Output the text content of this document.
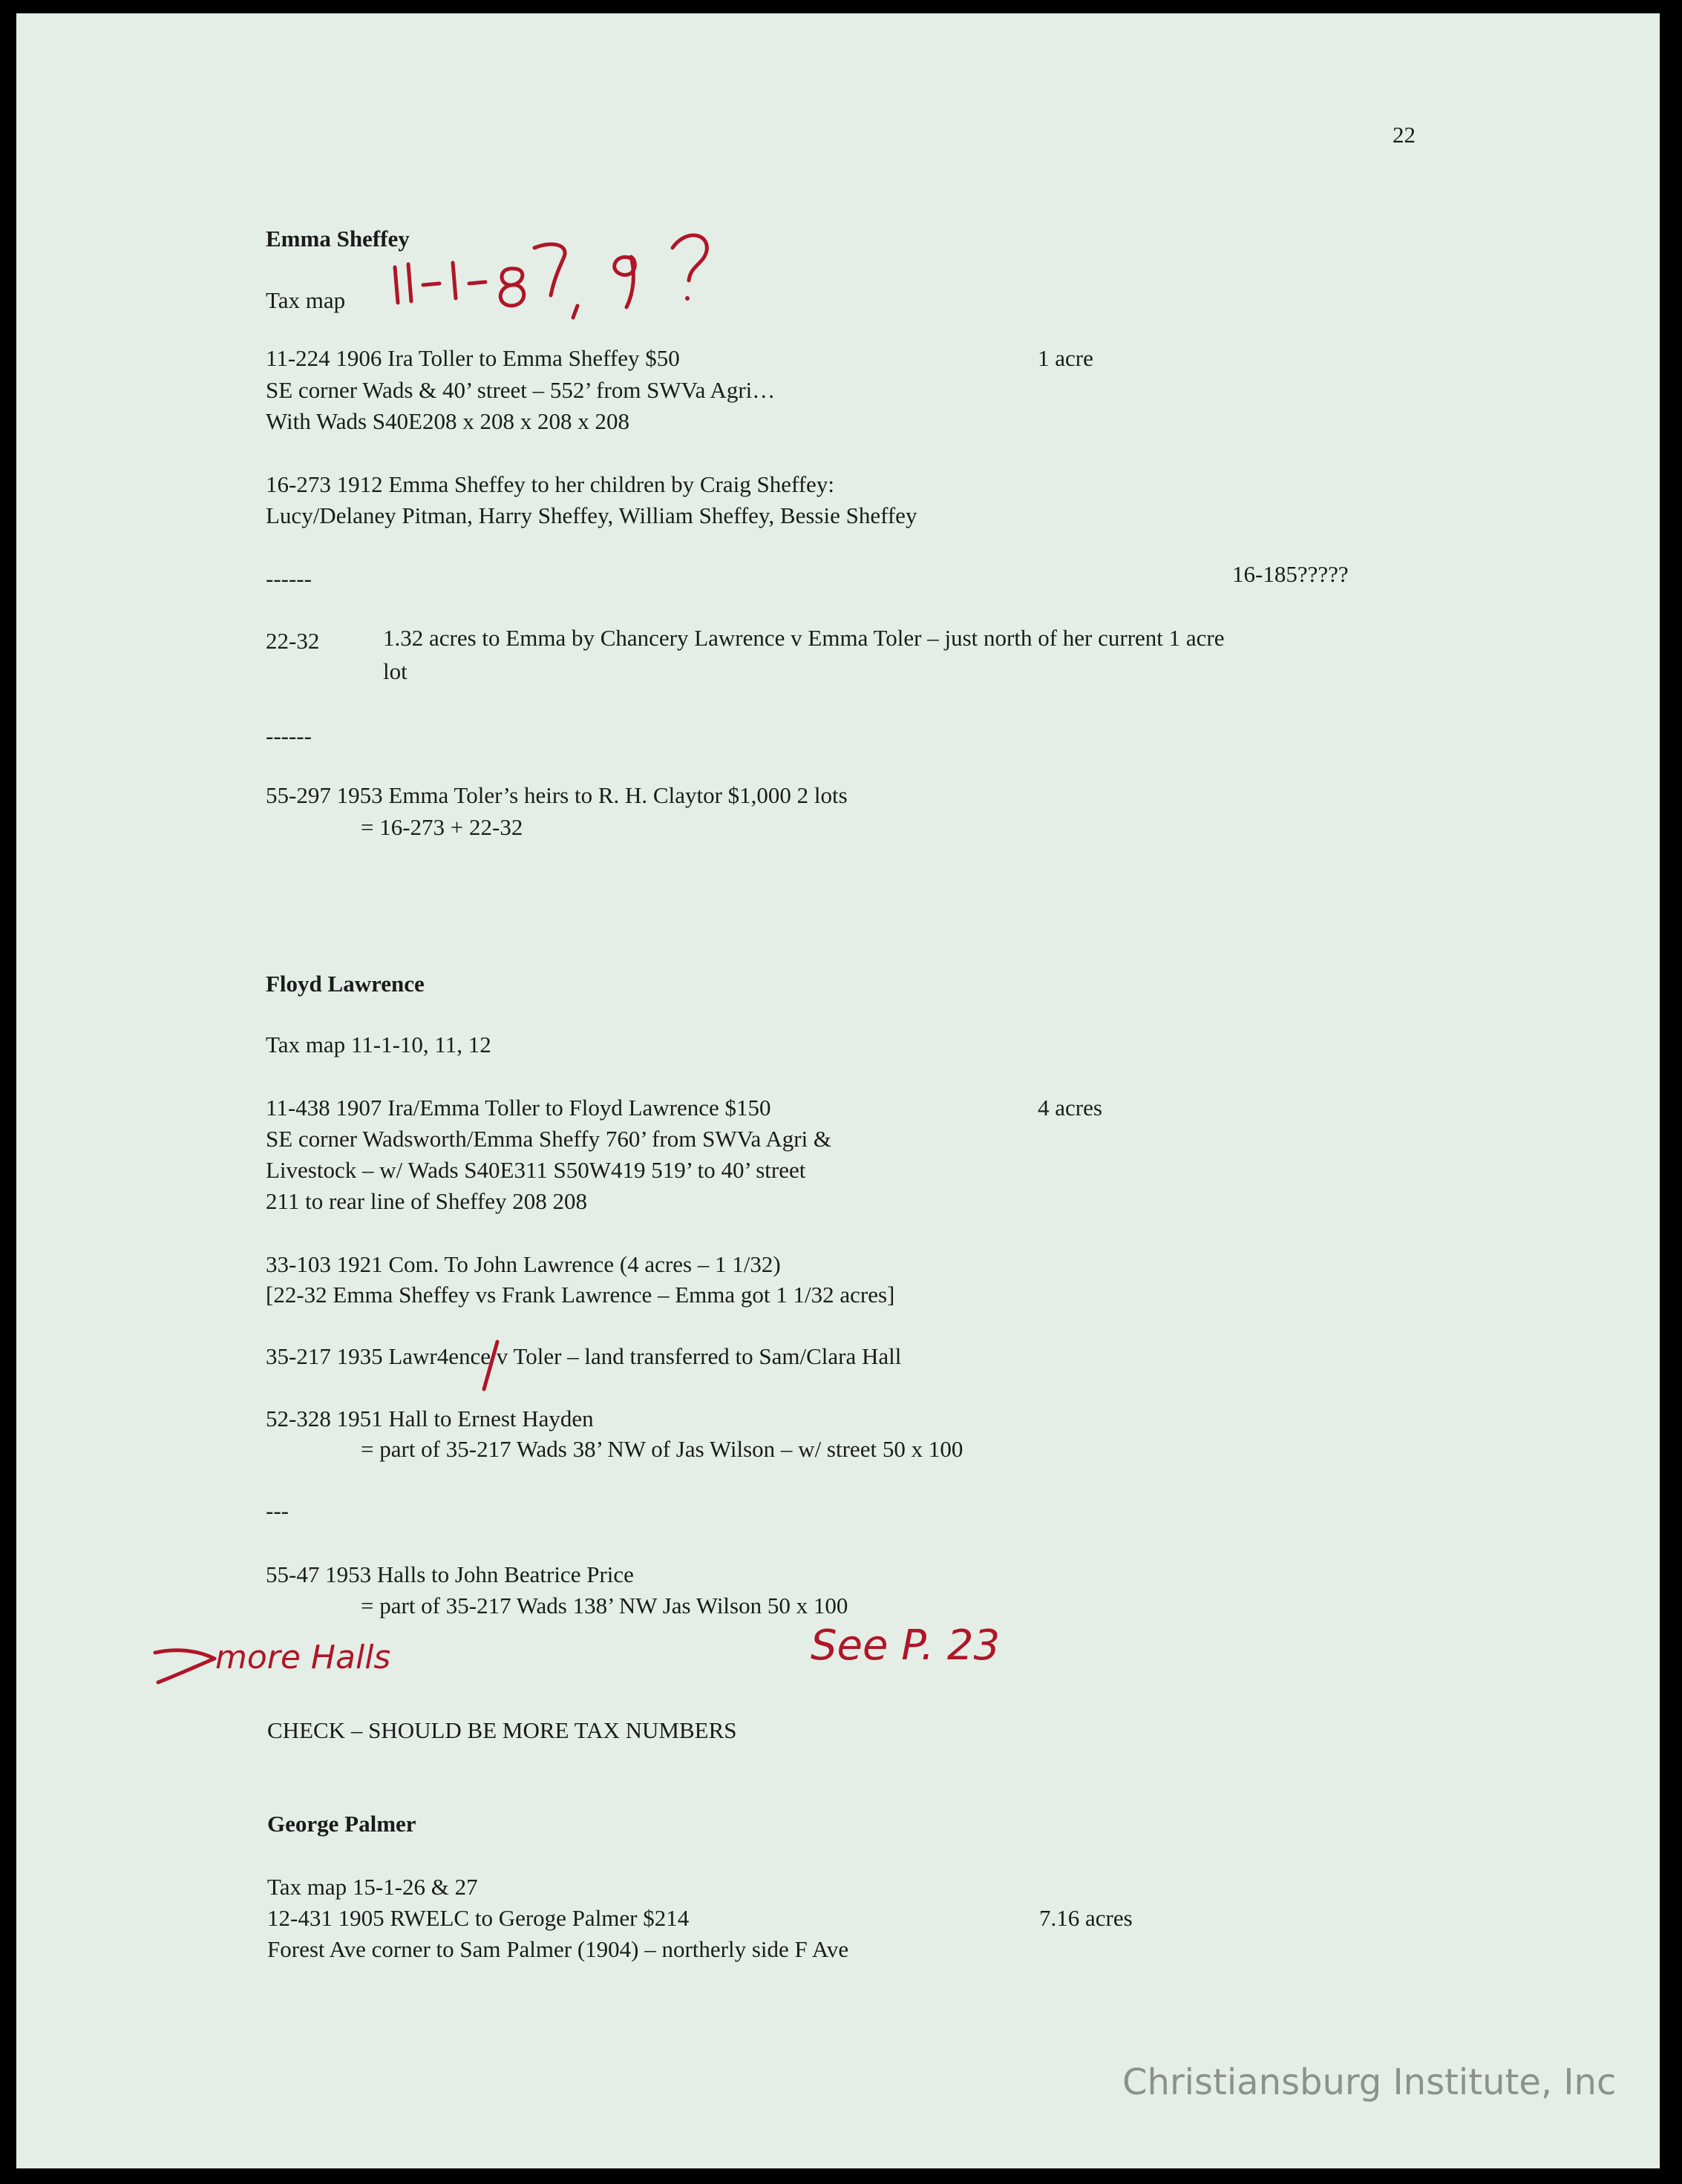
22
Emma Sheffey
Tax map
11-224 1906 Ira Toller to Emma Sheffey $50	1 acre
SE corner Wads & 40’ street – 552’ from SWVa Agri…
With Wads S40E208 x 208 x 208 x 208
16-273 1912 Emma Sheffey to her children by Craig Sheffey:
Lucy/Delaney Pitman, Harry Sheffey, William Sheffey, Bessie Sheffey
------	16-185?????
22-32	1.32 acres to Emma by Chancery Lawrence v Emma Toler – just north of her current 1 acre
lot
------
55-297 1953 Emma Toler’s heirs to R. H. Claytor $1,000 2 lots
= 16-273 + 22-32
Floyd Lawrence
Tax map 11-1-10, 11, 12
11-438 1907 Ira/Emma Toller to Floyd Lawrence $150	4 acres
SE corner Wadsworth/Emma Sheffy 760’ from SWVa Agri &
Livestock – w/ Wads S40E311 S50W419 519’ to 40’ street
211 to rear line of Sheffey 208 208
33-103 1921 Com. To John Lawrence (4 acres – 1 1/32)
[22-32 Emma Sheffey vs Frank Lawrence – Emma got 1 1/32 acres]
35-217 1935 Lawr4ence v Toler – land transferred to Sam/Clara Hall
52-328 1951 Hall to Ernest Hayden
= part of 35-217 Wads 38’ NW of Jas Wilson – w/ street 50 x 100
---
55-47 1953 Halls to John Beatrice Price
= part of 35-217 Wads 138’ NW Jas Wilson 50 x 100
more Halls	See P. 23
CHECK – SHOULD BE MORE TAX NUMBERS
George Palmer
Tax map 15-1-26 & 27
12-431 1905 RWELC to Geroge Palmer $214	7.16 acres
Forest Ave corner to Sam Palmer (1904) – northerly side F Ave
Christiansburg Institute, Inc
